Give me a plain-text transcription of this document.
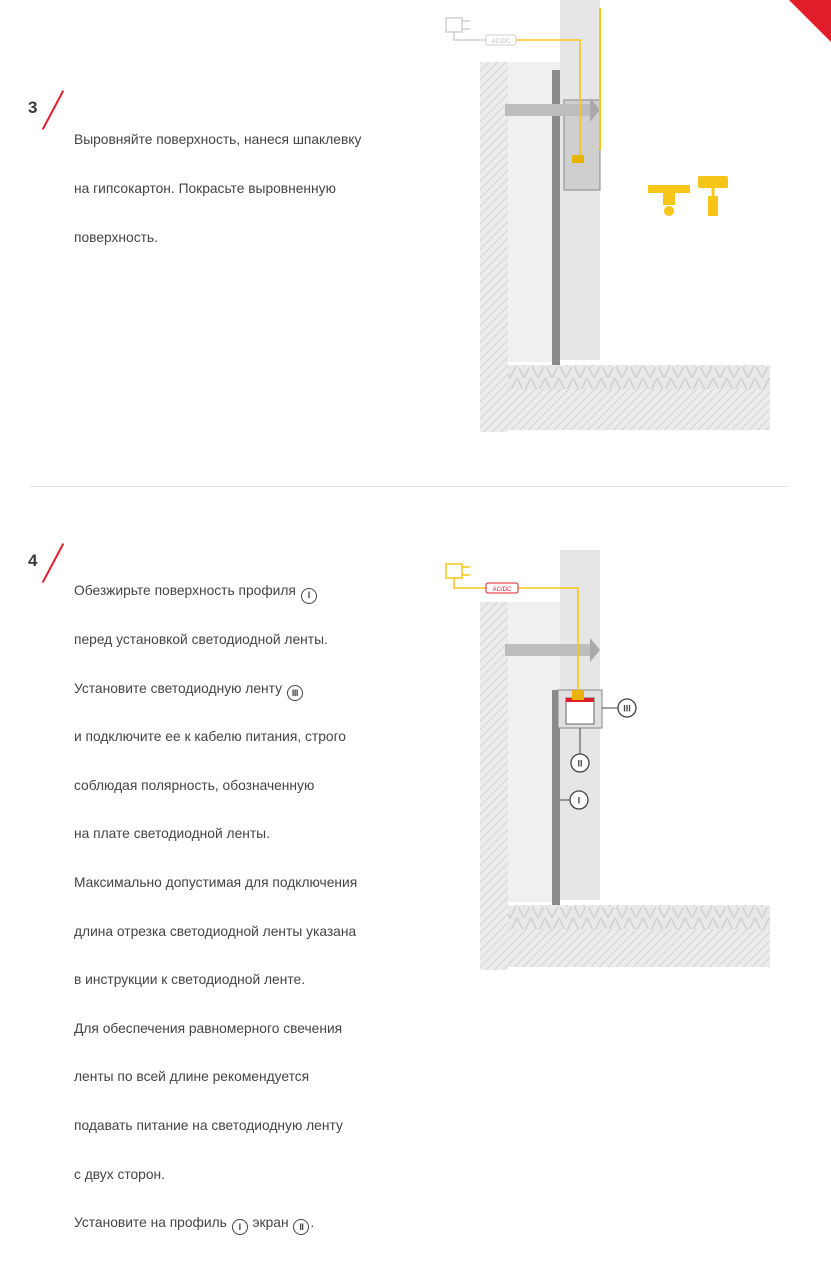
3

Выровняйте поверхность, нанеся шпаклевку

на гипсокартон. Покрасьте выровненную

поверхность.

AC/DC
4

Обезжирьте поверхность профиля I

перед установкой светодиодной ленты.

Установите светодиодную ленту III

и подключите ее к кабелю питания, строго

соблюдая полярность, обозначенную

на плате светодиодной ленты.

Максимально допустимая для подключения

длина отрезка светодиодной ленты указана

в инструкции к светодиодной ленте.

Для обеспечения равномерного свечения

ленты по всей длине рекомендуется

подавать питание на светодиодную ленту

с двух сторон.

Установите на профиль I экран II .

AC/DC
III
II
I
